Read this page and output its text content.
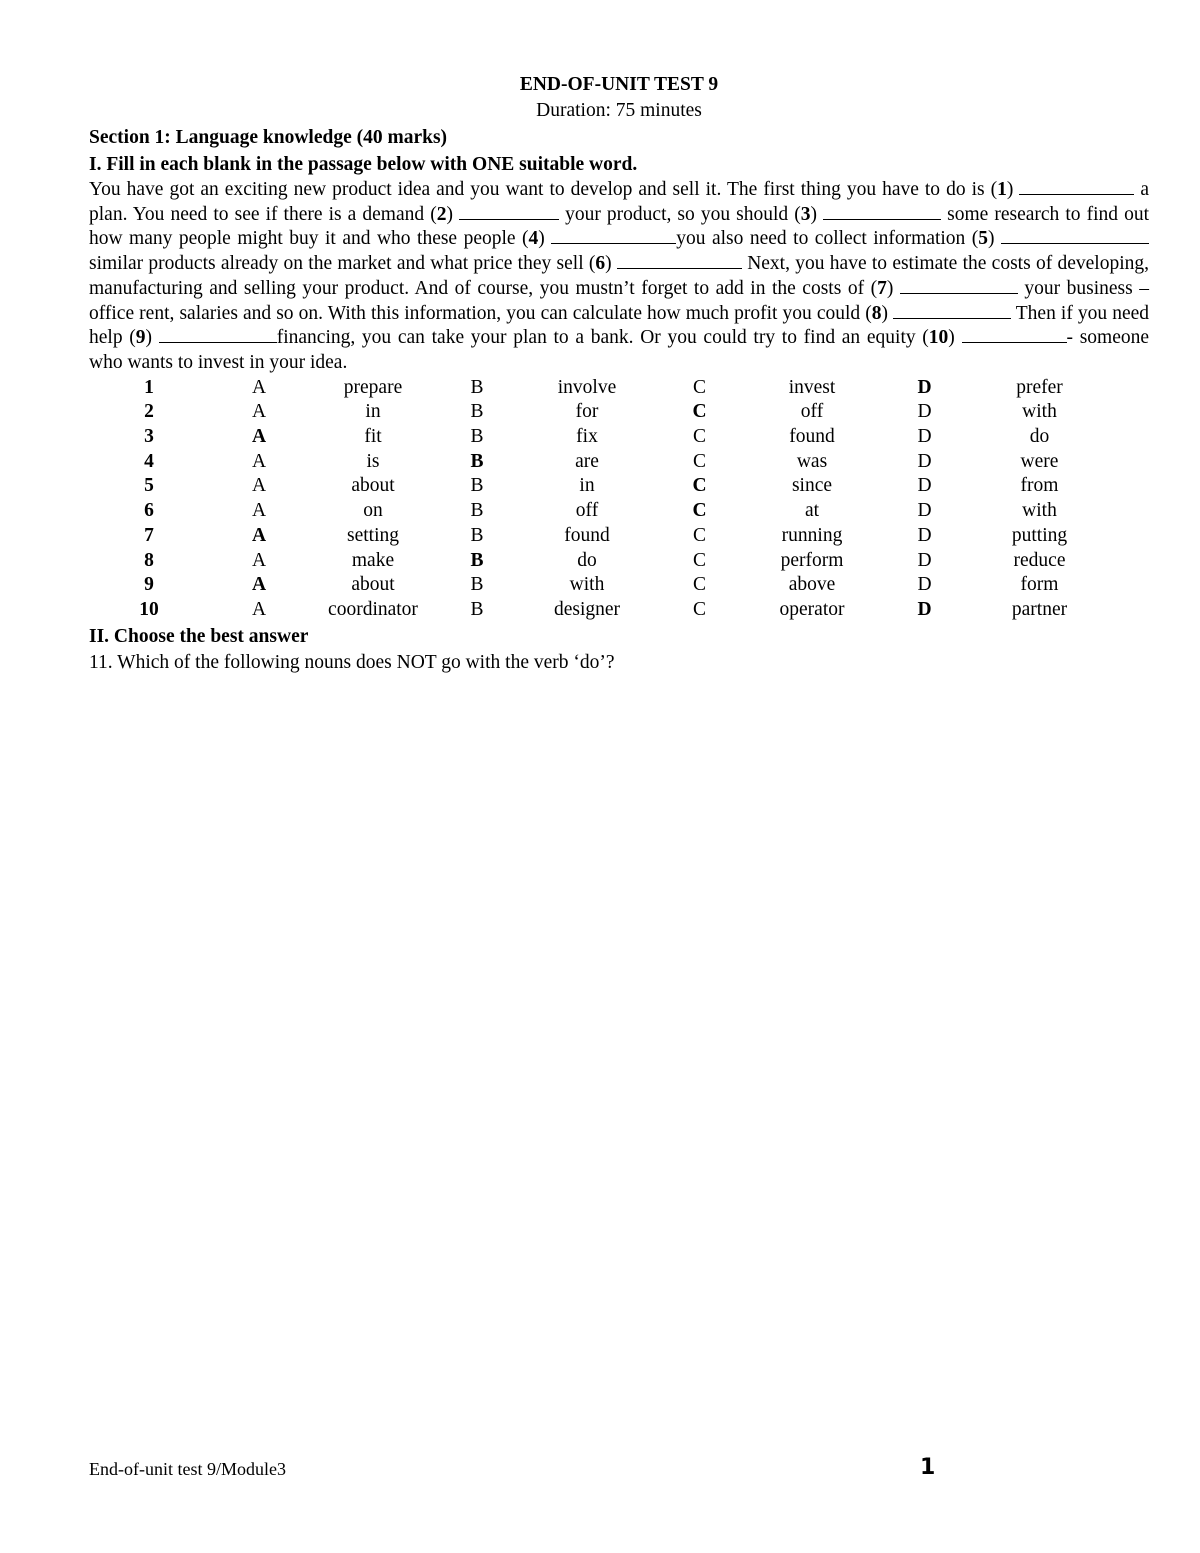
END-OF-UNIT TEST 9
Duration: 75 minutes
Section 1: Language knowledge (40 marks)
I. Fill in each blank in the passage below with ONE suitable word.
You have got an exciting new product idea and you want to develop and sell it. The first thing you have to do is (1)	a plan. You need to see if there is a demand (2)	your product, so you should (3)	some research to find out how many people might buy it and who these people (4)	you also need to collect information (5)  similar products already on the market and what price they sell (6)	Next, you have to estimate the costs of developing, manufacturing and selling your product. And of course, you mustn’t forget to add in the costs of (7)	your business – office rent, salaries and so on. With this information, you can calculate how much profit you could (8)	Then if you need help (9)	financing, you can take your plan to a bank. Or you could try to find an equity (10)	- someone who wants to invest in your idea.
1	A	prepare	B	involve	C	invest	D	prefer
2	A	in	B	for	C	off	D	with
3	A	fit	B	fix	C	found	D	do
4	A	is	B	are	C	was	D	were
5	A	about	B	in	C	since	D	from
6	A	on	B	off	C	at	D	with
7	A	setting	B	found	C	running	D	putting
8	A	make	B	do	C	perform	D	reduce
9	A	about	B	with	C	above	D	form
10	A	coordinator	B	designer	C	operator	D	partner
II. Choose the best answer
11. Which of the following nouns does NOT go with the verb ‘do’?
End-of-unit test 9/Module3	1
